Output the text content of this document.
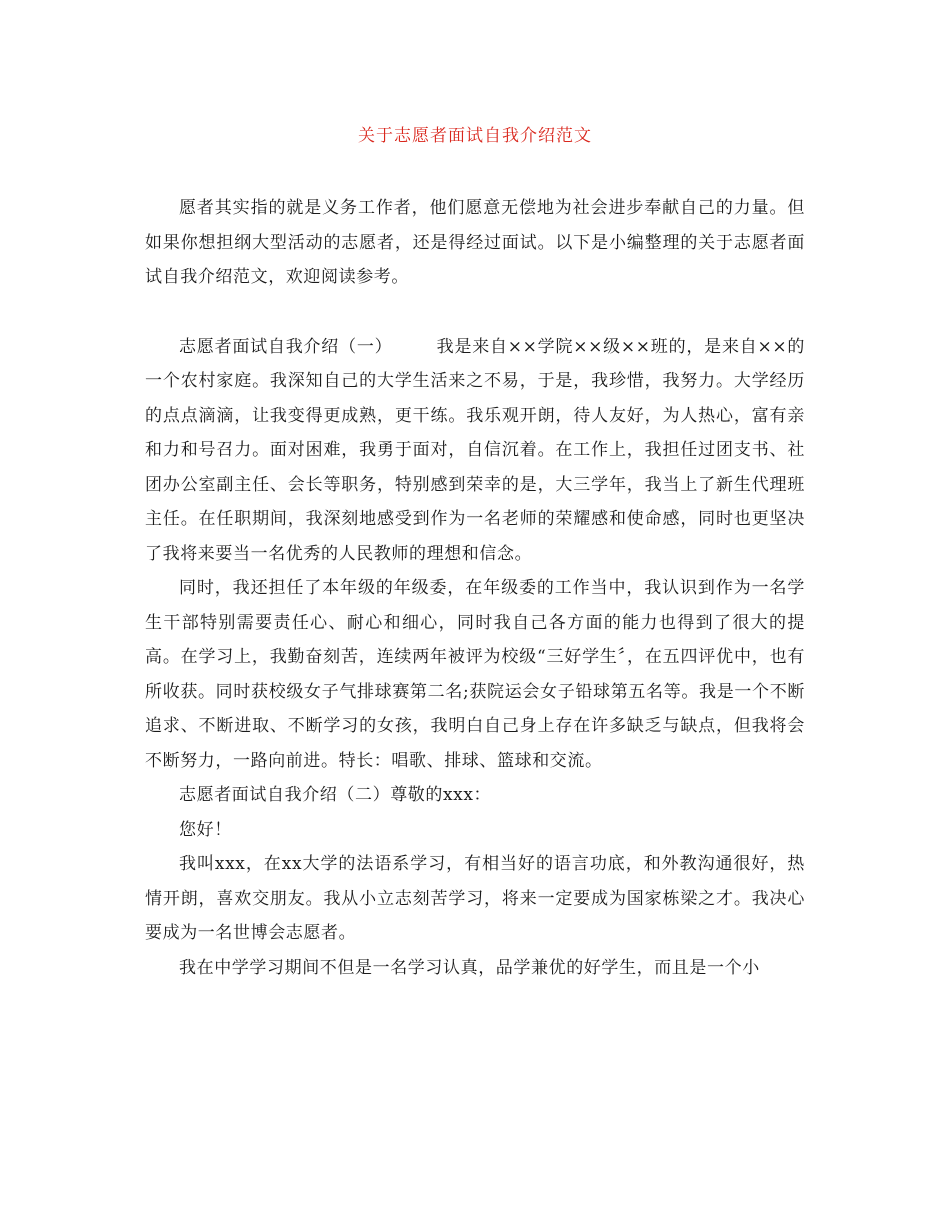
关于志愿者面试自我介绍范文

愿者其实指的就是义务工作者，他们愿意无偿地为社会进步奉献自己的力量。但如果你想担纲大型活动的志愿者，还是得经过面试。以下是小编整理的关于志愿者面试自我介绍范文，欢迎阅读参考。

志愿者面试自我介绍（一）	我是来自××学院××级××班的，是来自××的一个农村家庭。我深知自己的大学生活来之不易，于是，我珍惜，我努力。大学经历的点点滴滴，让我变得更成熟，更干练。我乐观开朗，待人友好，为人热心，富有亲和力和号召力。面对困难，我勇于面对，自信沉着。在工作上，我担任过团支书、社团办公室副主任、会长等职务，特别感到荣幸的是，大三学年，我当上了新生代理班主任。在任职期间，我深刻地感受到作为一名老师的荣耀感和使命感，同时也更坚决了我将来要当一名优秀的人民教师的理想和信念。

同时，我还担任了本年级的年级委，在年级委的工作当中，我认识到作为一名学生干部特别需要责任心、耐心和细心，同时我自己各方面的能力也得到了很大的提高。在学习上，我勤奋刻苦，连续两年被评为校级“三好学生〞，在五四评优中，也有所收获。同时获校级女子气排球赛第二名;获院运会女子铅球第五名等。我是一个不断追求、不断进取、不断学习的女孩，我明白自己身上存在许多缺乏与缺点，但我将会不断努力，一路向前进。特长：唱歌、排球、篮球和交流。

志愿者面试自我介绍（二）尊敬的xxx：

您好！

我叫xxx，在xx大学的法语系学习，有相当好的语言功底，和外教沟通很好，热情开朗，喜欢交朋友。我从小立志刻苦学习，将来一定要成为国家栋梁之才。我决心要成为一名世博会志愿者。

我在中学学习期间不但是一名学习认真，品学兼优的好学生，而且是一个小
